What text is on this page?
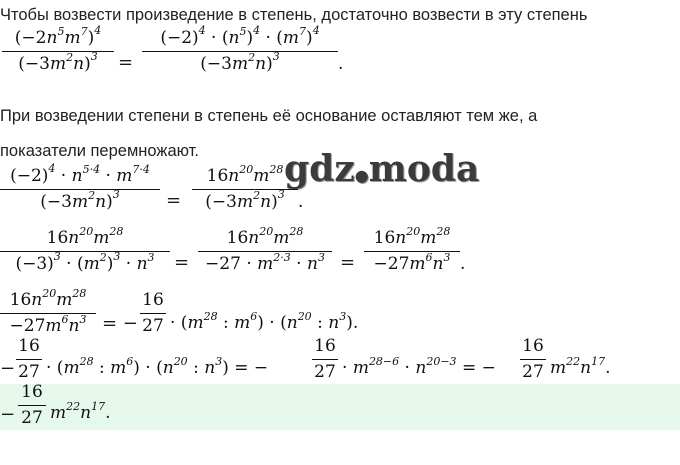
Чтобы возвести произведение в степень, достаточно возвести в эту степень
$(-2n^5m^7)^4$
$(-3m^2n)^3$	=
$(-2)^4 \cdot (n^5)^4 \cdot (m^7)^4$
$(-3m^2n)^3$	.
При возведении степени в степень её основание оставляют тем же, а
показатели перемножают. gdz●moda
$(-2)^4 \cdot n^{5\cdot 4} \cdot m^{7\cdot 4}$
$(-3m^2n)^3$	=
$16n^{20}m^{28}$
$(-3m^2n)^3$ .
$16n^{20}m^{28}$
$(-3)^3 \cdot (m^2)^3 \cdot n^3$	=
$16n^{20}m^{28}$
$-27 \cdot m^{2\cdot 3} \cdot n^3$ =
$16n^{20}m^{28}$
$-27m^6n^3$ .
$16n^{20}m^{28}$
$-27m^6n^3$ = −
16
$27 \cdot (m^{28}$ : $m^6) \cdot (n^{20}$ : $n^3$).
−
16
$27 \cdot (m^{28}$ : $m^6) \cdot (n^{20}$ : $n^3$) = −
16
$27 \cdot m^{28-6} \cdot n^{20-3}$ = −
16
27 $m^{22}n^{17}$.
−
16
27 $m^{22}n^{17}$.
